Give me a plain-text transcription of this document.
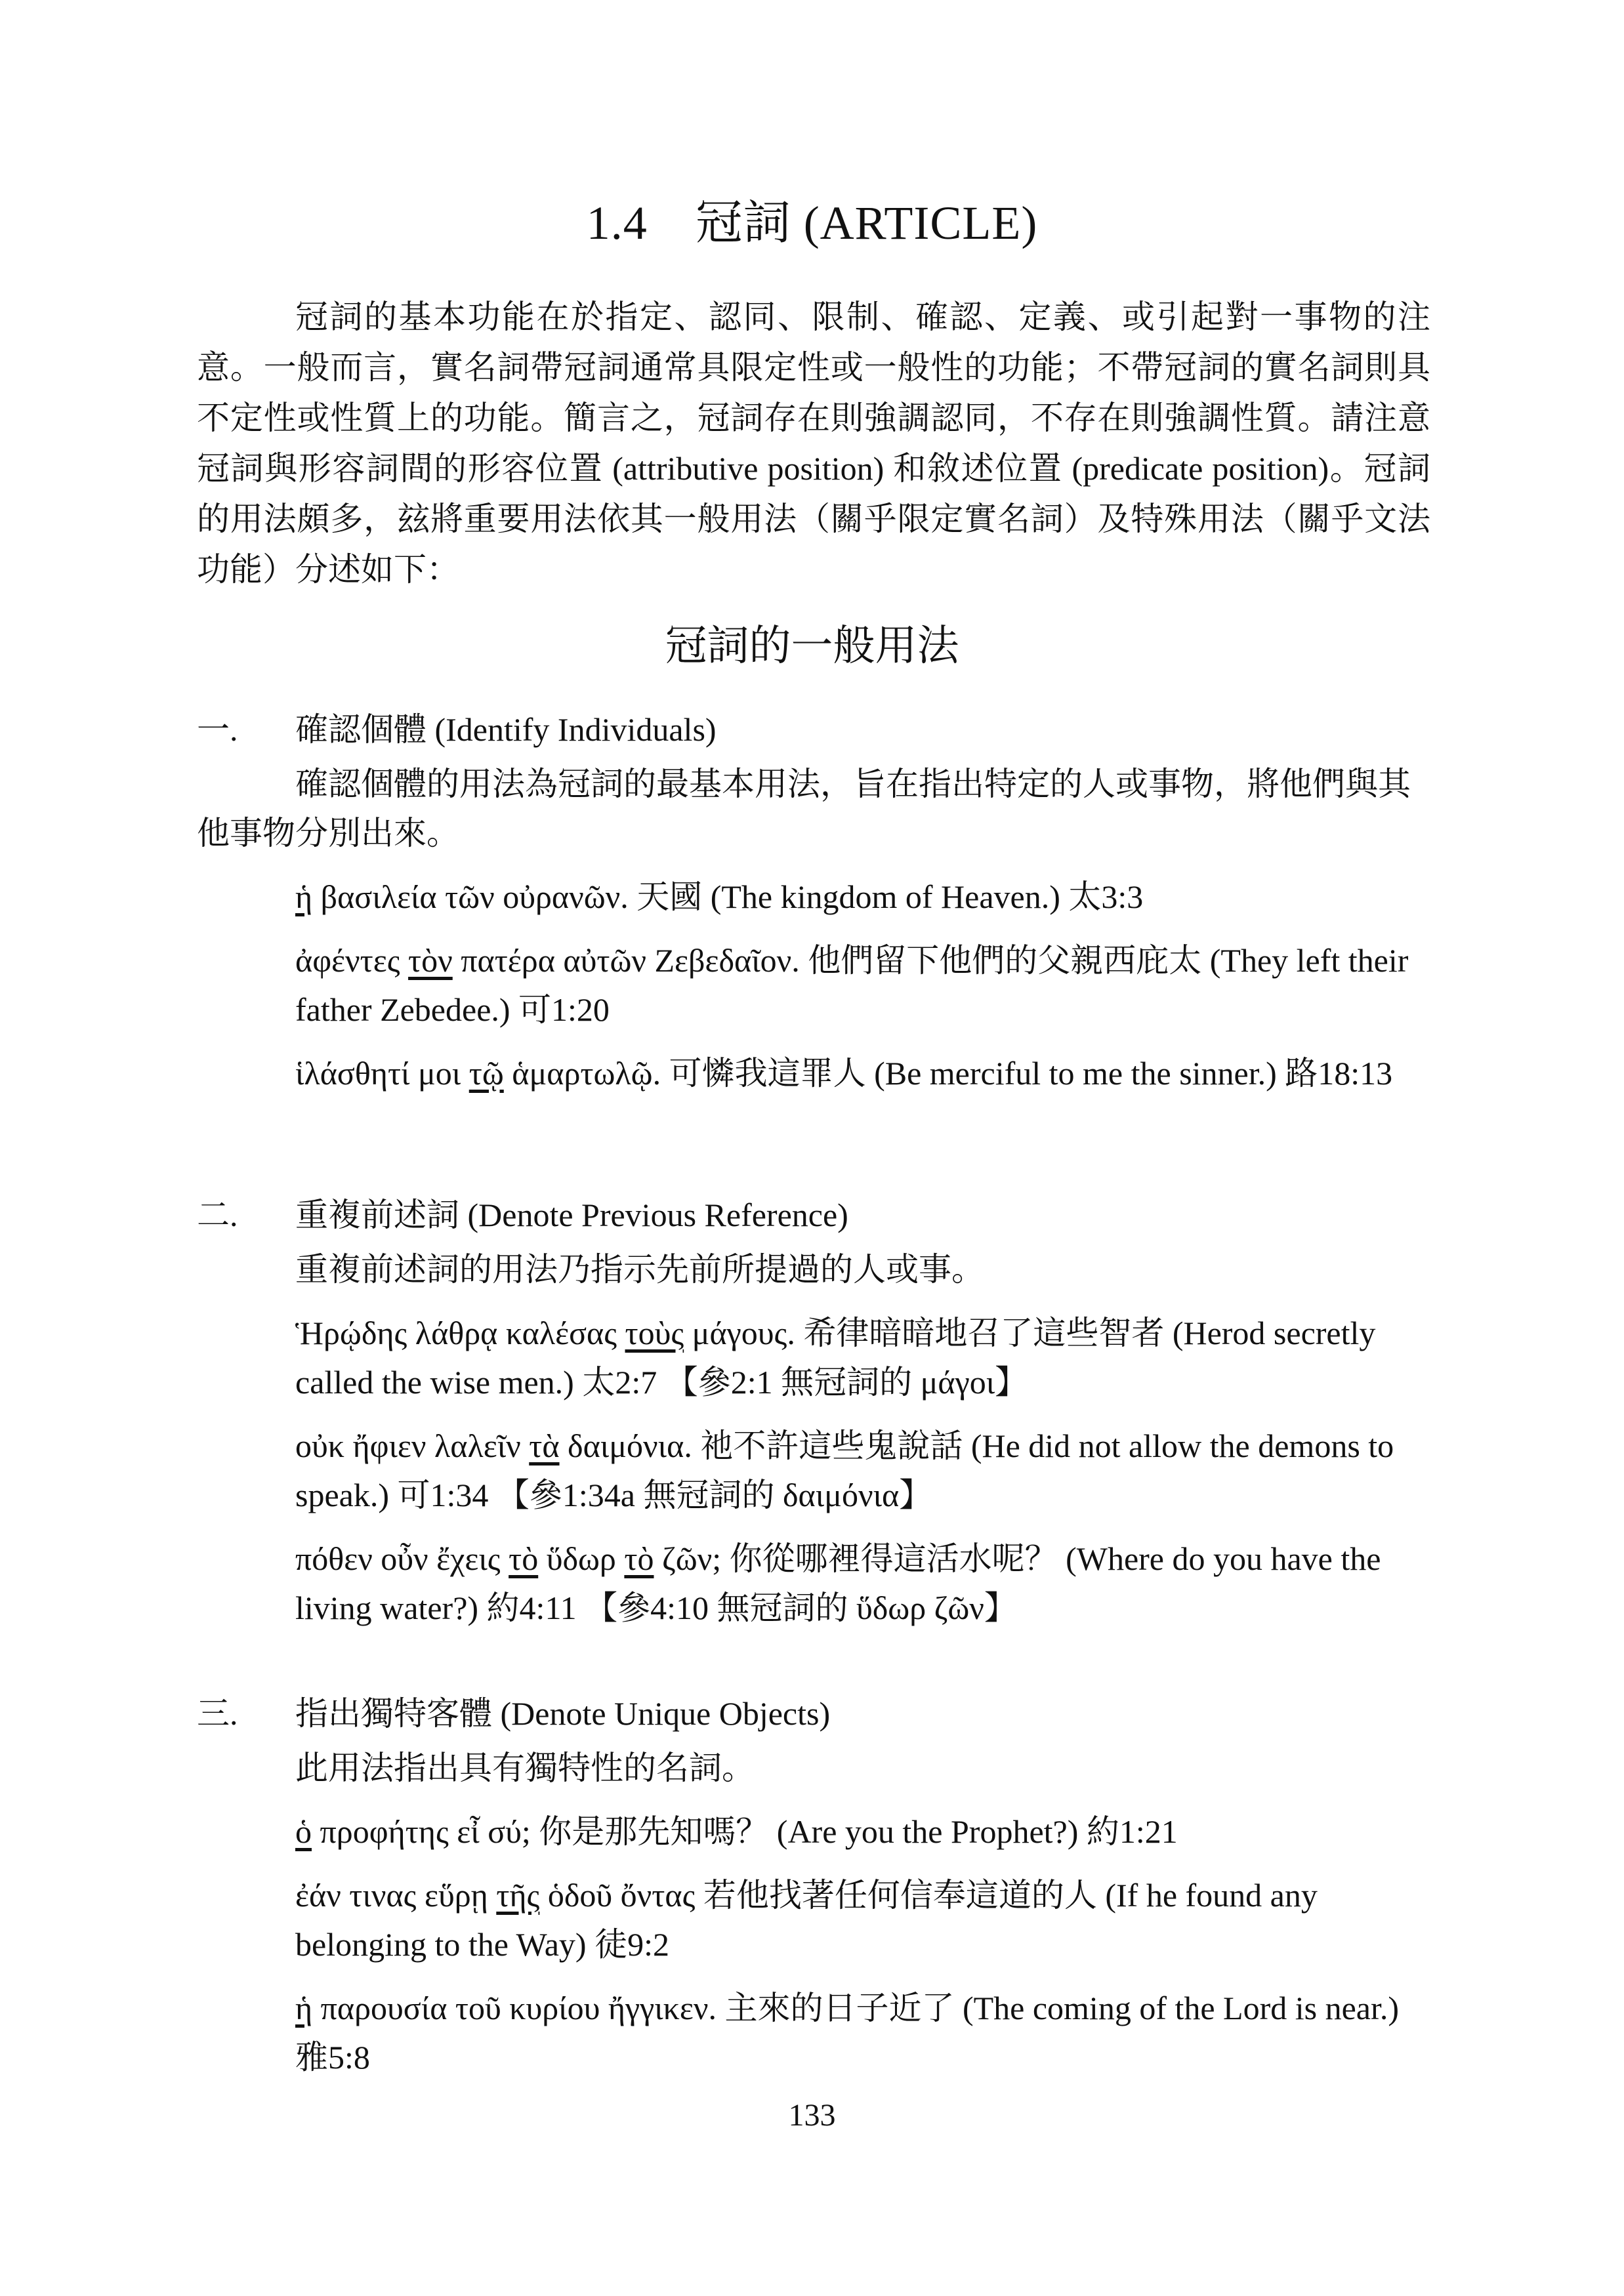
1.4　冠詞 (ARTICLE)

冠詞的基本功能在於指定、認同、限制、確認、定義、或引起對一事物的注意。一般而言，實名詞帶冠詞通常具限定性或一般性的功能；不帶冠詞的實名詞則具不定性或性質上的功能。簡言之，冠詞存在則強調認同，不存在則強調性質。請注意冠詞與形容詞間的形容位置 (attributive position) 和敘述位置 (predicate position)。冠詞的用法頗多，玆將重要用法依其一般用法（關乎限定實名詞）及特殊用法（關乎文法功能）分述如下：

冠詞的一般用法
一. 確認個體 (Identify Individuals)

確認個體的用法為冠詞的最基本用法，旨在指出特定的人或事物，將他們與其他事物分別出來。

ἡ βασιλεία τῶν οὐρανῶν. 天國 (The kingdom of Heaven.) 太3:3

ἀφέντες τὸν πατέρα αὐτῶν Ζεβεδαῖον. 他們留下他們的父親西庇太 (They left their father Zebedee.) 可1:20

ἱλάσθητί μοι τῷ ἁμαρτωλῷ. 可憐我這罪人 (Be merciful to me the sinner.) 路18:13

二. 重複前述詞 (Denote Previous Reference)

重複前述詞的用法乃指示先前所提過的人或事。

Ἡρῴδης λάθρᾳ καλέσας τοὺς μάγους. 希律暗暗地召了這些智者 (Herod secretly called the wise men.) 太2:7 【參2:1 無冠詞的 μάγοι】

οὐκ ἤφιεν λαλεῖν τὰ δαιμόνια. 祂不許這些鬼說話 (He did not allow the demons to speak.) 可1:34 【參1:34a 無冠詞的 δαιμόνια】

πόθεν οὖν ἔχεις τὸ ὕδωρ τὸ ζῶν; 你從哪裡得這活水呢？ (Where do you have the living water?) 約4:11 【參4:10 無冠詞的 ὕδωρ ζῶν】

三. 指出獨特客體 (Denote Unique Objects)

此用法指出具有獨特性的名詞。

ὁ προφήτης εἶ σύ; 你是那先知嗎？ (Are you the Prophet?) 約1:21

ἐάν τινας εὕρῃ τῆς ὁδοῦ ὄντας 若他找著任何信奉這道的人 (If he found any belonging to the Way) 徒9:2

ἡ παρουσία τοῦ κυρίου ἤγγικεν. 主來的日子近了 (The coming of the Lord is near.) 雅5:8

133
